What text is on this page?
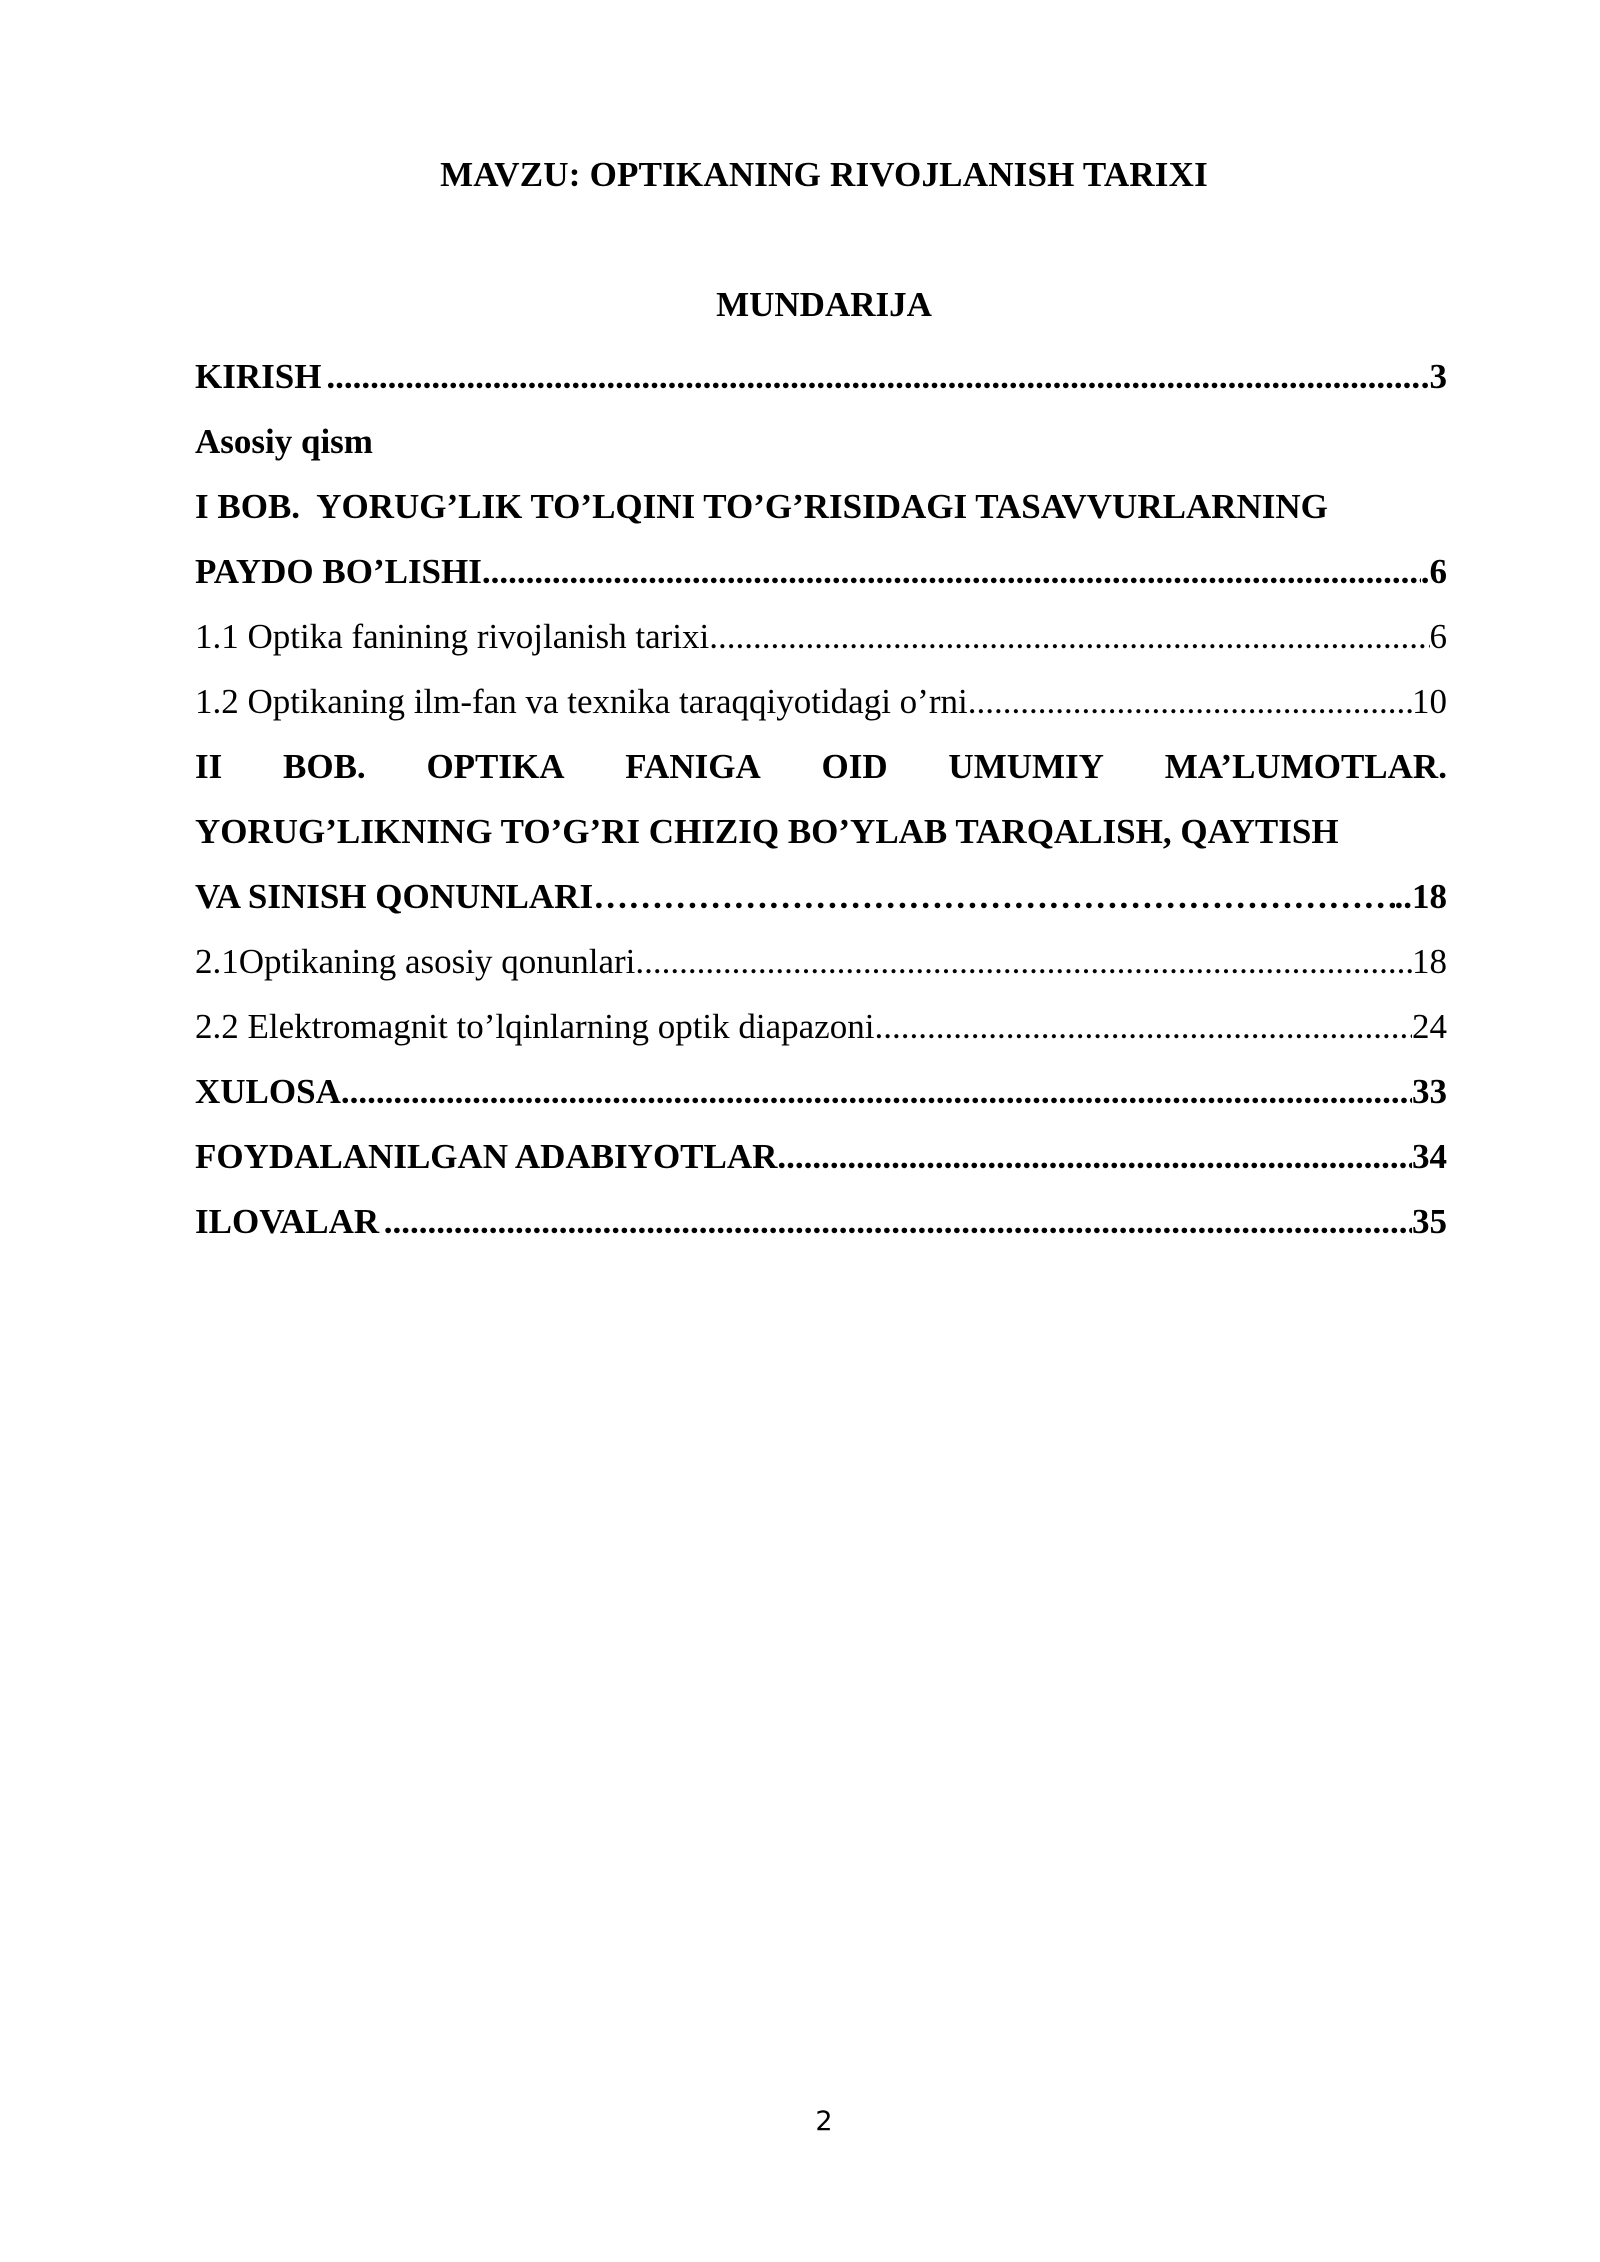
MAVZU: OPTIKANING RIVOJLANISH TARIXI
MUNDARIJA
KIRISH .....	.3
Asosiy qism
I BOB.  YORUG’LIK TO’LQINI TO’G’RISIDAGI TASAVVURLARNING
PAYDO BO’LISHI .....	.6
1.1 Optika fanining rivojlanish tarixi .....	6
1.2 Optikaning ilm-fan va texnika taraqqiyotidagi o’rni .....	10
II BOB. OPTIKA FANIGA OID UMUMIY MA’LUMOTLAR.
YORUG’LIKNING TO’G’RI CHIZIQ BO’YLAB TARQALISH, QAYTISH
VA SINISH QONUNLARI ……………………………………………………………………………………………………………………………………………………………………………………………………	..18
2.1Optikaning asosiy qonunlari .....	18
2.2 Elektromagnit to’lqinlarning optik diapazoni .....	24
XULOSA .....	33
FOYDALANILGAN ADABIYOTLAR .....	34
ILOVALAR .....	35
2
